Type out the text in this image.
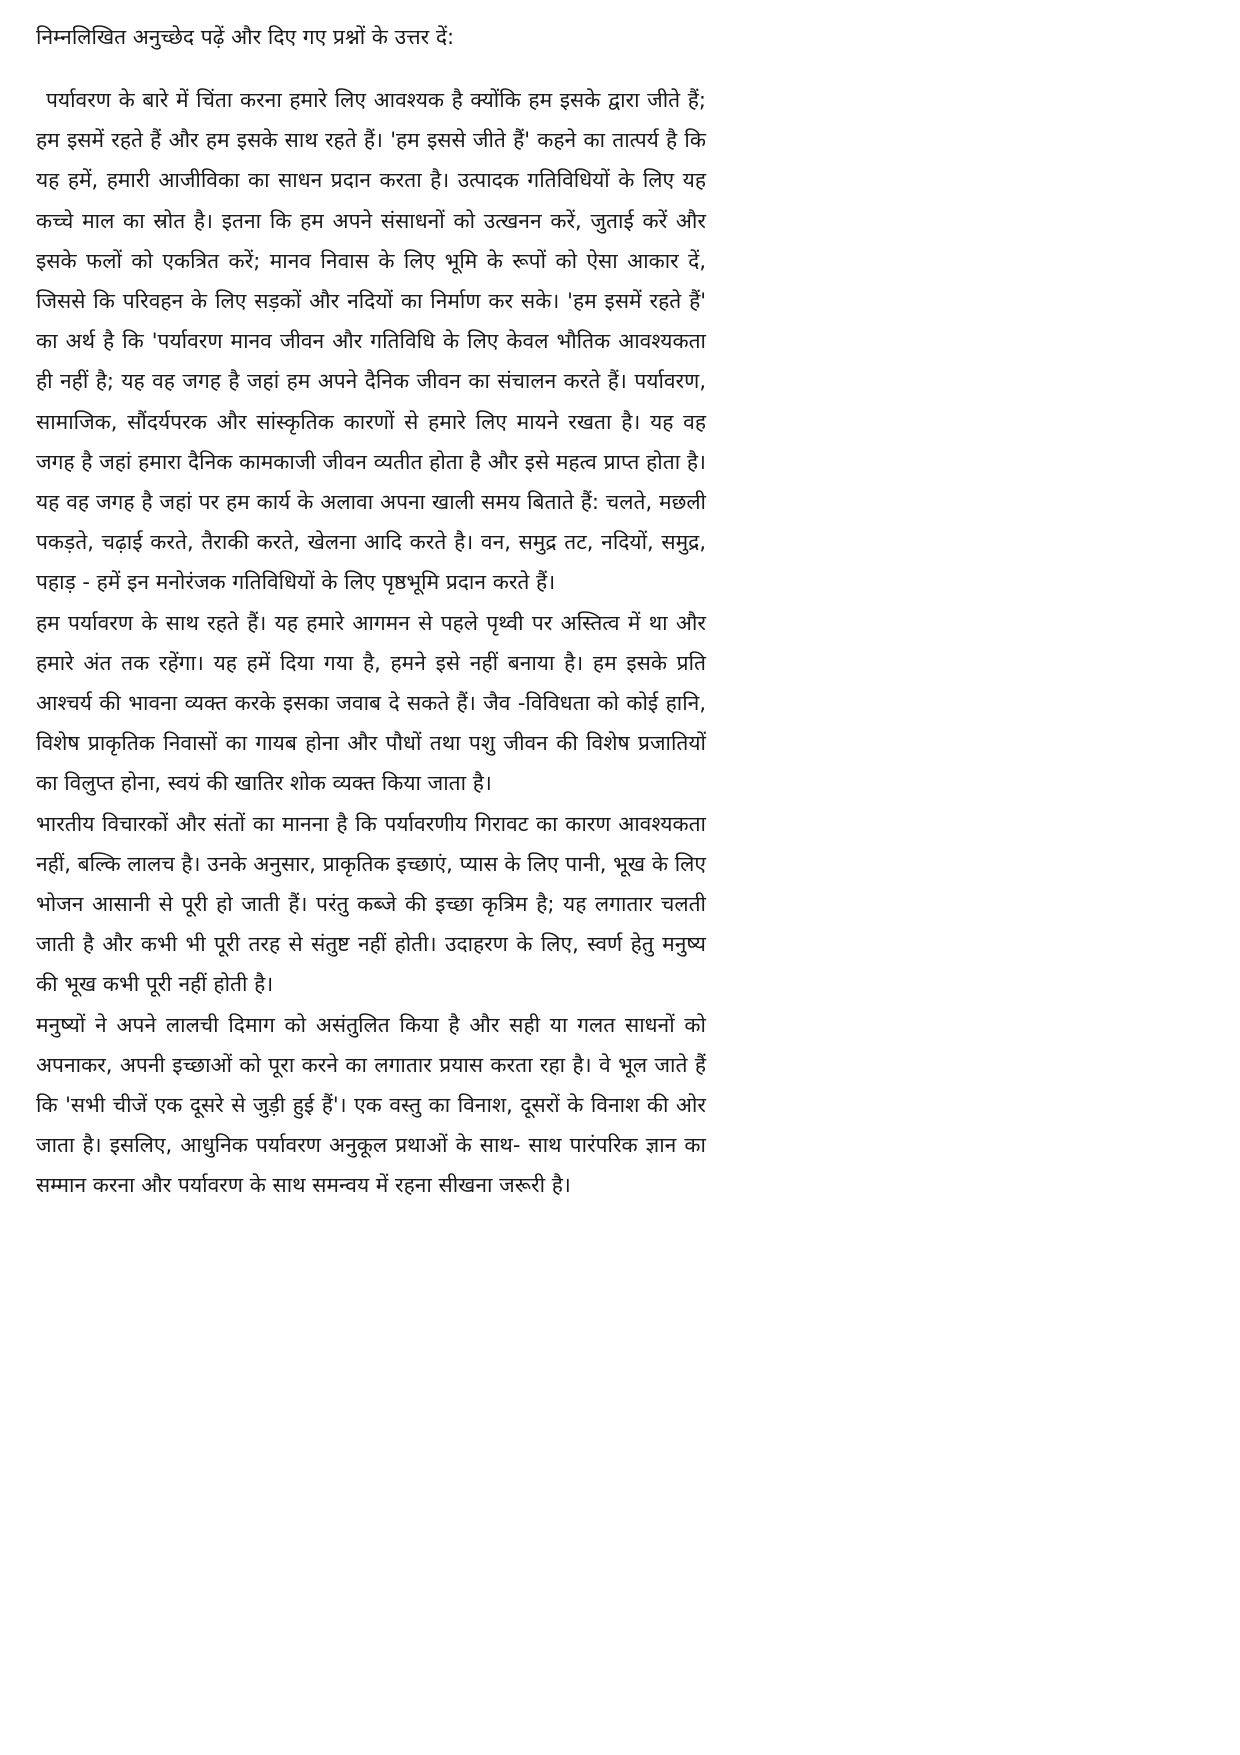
निम्नलिखित अनुच्छेद पढ़ें और दिए गए प्रश्नों के उत्तर दें:

पर्यावरण के बारे में चिंता करना हमारे लिए आवश्यक है क्योंकि हम इसके द्वारा जीते हैं; हम इसमें रहते हैं और हम इसके साथ रहते हैं। 'हम इससे जीते हैं' कहने का तात्पर्य है कि यह हमें, हमारी आजीविका का साधन प्रदान करता है। उत्पादक गतिविधियों के लिए यह कच्चे माल का स्रोत है। इतना कि हम अपने संसाधनों को उत्खनन करें, जुताई करें और इसके फलों को एकत्रित करें; मानव निवास के लिए भूमि के रूपों को ऐसा आकार दें, जिससे कि परिवहन के लिए सड़कों और नदियों का निर्माण कर सके। 'हम इसमें रहते हैं' का अर्थ है कि 'पर्यावरण मानव जीवन और गतिविधि के लिए केवल भौतिक आवश्यकता ही नहीं है; यह वह जगह है जहां हम अपने दैनिक जीवन का संचालन करते हैं। पर्यावरण, सामाजिक, सौंदर्यपरक और सांस्कृतिक कारणों से हमारे लिए मायने रखता है। यह वह जगह है जहां हमारा दैनिक कामकाजी जीवन व्यतीत होता है और इसे महत्व प्राप्त होता है। यह वह जगह है जहां पर हम कार्य के अलावा अपना खाली समय बिताते हैं: चलते, मछली पकड़ते, चढ़ाई करते, तैराकी करते, खेलना आदि करते है। वन, समुद्र तट, नदियों, समुद्र, पहाड़ - हमें इन मनोरंजक गतिविधियों के लिए पृष्ठभूमि प्रदान करते हैं।

हम पर्यावरण के साथ रहते हैं। यह हमारे आगमन से पहले पृथ्वी पर अस्तित्व में था और हमारे अंत तक रहेंगा। यह हमें दिया गया है, हमने इसे नहीं बनाया है। हम इसके प्रति आश्चर्य की भावना व्यक्त करके इसका जवाब दे सकते हैं। जैव -विविधता को कोई हानि, विशेष प्राकृतिक निवासों का गायब होना और पौधों तथा पशु जीवन की विशेष प्रजातियों का विलुप्त होना, स्वयं की खातिर शोक व्यक्त किया जाता है।

भारतीय विचारकों और संतों का मानना है कि पर्यावरणीय गिरावट का कारण आवश्यकता नहीं, बल्कि लालच है। उनके अनुसार, प्राकृतिक इच्छाएं, प्यास के लिए पानी, भूख के लिए भोजन आसानी से पूरी हो जाती हैं। परंतु कब्जे की इच्छा कृत्रिम है; यह लगातार चलती जाती है और कभी भी पूरी तरह से संतुष्ट नहीं होती। उदाहरण के लिए, स्वर्ण हेतु मनुष्य की भूख कभी पूरी नहीं होती है।

मनुष्यों ने अपने लालची दिमाग को असंतुलित किया है और सही या गलत साधनों को अपनाकर, अपनी इच्छाओं को पूरा करने का लगातार प्रयास करता रहा है। वे भूल जाते हैं कि 'सभी चीजें एक दूसरे से जुड़ी हुई हैं'। एक वस्तु का विनाश, दूसरों के विनाश की ओर जाता है। इसलिए, आधुनिक पर्यावरण अनुकूल प्रथाओं के साथ- साथ पारंपरिक ज्ञान का सम्मान करना और पर्यावरण के साथ समन्वय में रहना सीखना जरूरी है।
